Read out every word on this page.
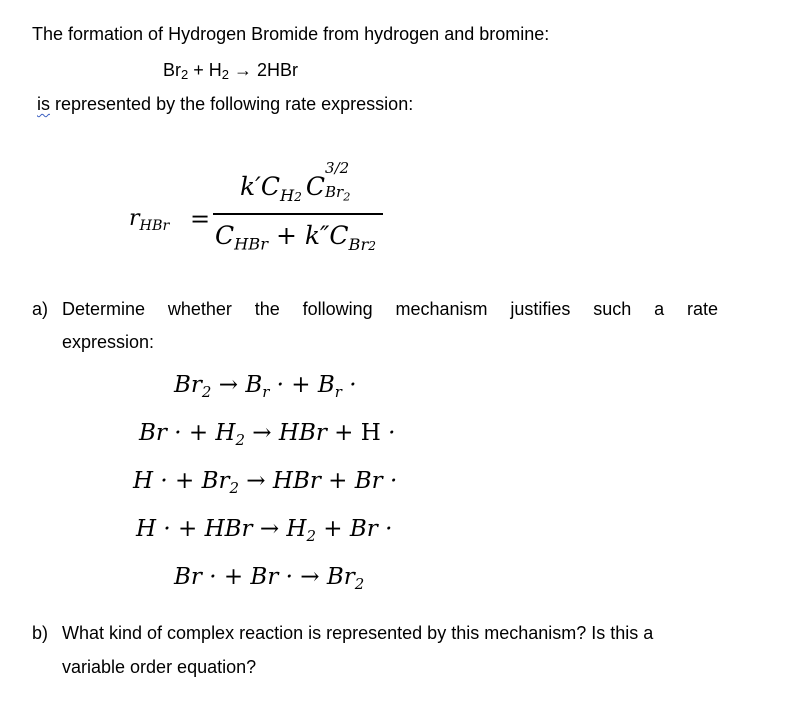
The formation of Hydrogen Bromide from hydrogen and bromine:
Br2 + H2 → 2HBr
is represented by the following rate expression:
$r_{HBr}$ =
$k'C_{H2}$ C
3/2
$Br_2$
$C_{HBr} + k''C_{Br2}$
a) Determine whether the following mechanism justifies such a rate
expression:
$Br_2 \to B_r$ · + $B_r$ ·
Br · + $H_2$ → HBr + H ·
H · + $Br_2$ → HBr + Br ·
H · + HBr → $H_2 + Br$ ·
Br · + Br · → $Br_2$
b) What kind of complex reaction is represented by this mechanism? Is this a
variable order equation?
